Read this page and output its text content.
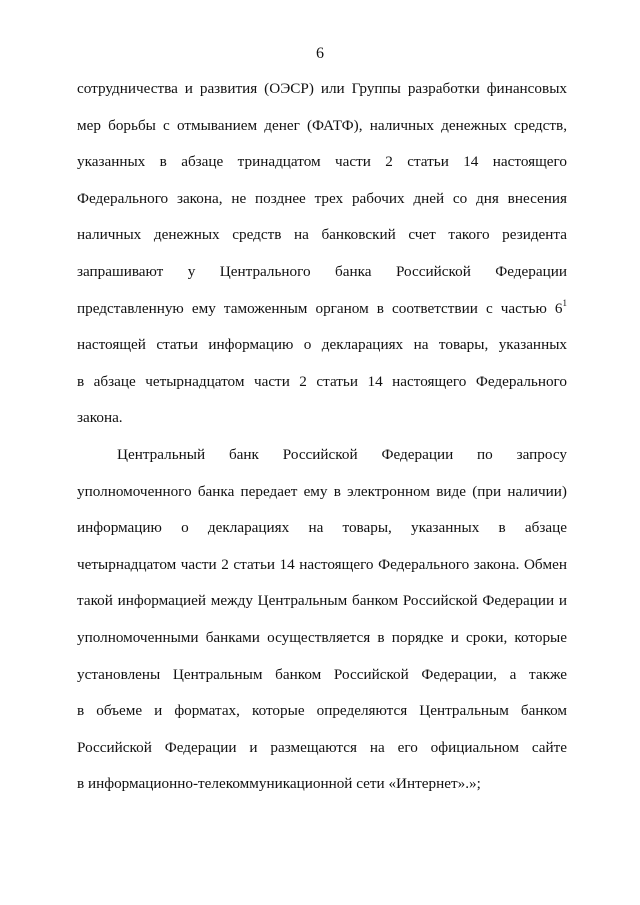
6
сотрудничества и развития (ОЭСР) или Группы разработки финансовых
мер борьбы с отмыванием денег (ФАТФ), наличных денежных средств,
указанных в абзаце тринадцатом части 2 статьи 14 настоящего
Федерального закона, не позднее трех рабочих дней со дня внесения
наличных денежных средств на банковский счет такого резидента
запрашивают у Центрального банка Российской Федерации
представленную ему таможенным органом в соответствии с частью $6^1$
настоящей статьи информацию о декларациях на товары, указанных
в абзаце четырнадцатом части 2 статьи 14 настоящего Федерального
закона.
Центральный банк Российской Федерации по запросу
уполномоченного банка передает ему в электронном виде (при наличии)
информацию о декларациях на товары, указанных в абзаце
четырнадцатом части 2 статьи 14 настоящего Федерального закона. Обмен
такой информацией между Центральным банком Российской Федерации и
уполномоченными банками осуществляется в порядке и сроки, которые
установлены Центральным банком Российской Федерации, а также
в объеме и форматах, которые определяются Центральным банком
Российской Федерации и размещаются на его официальном сайте
в информационно-телекоммуникационной сети «Интернет».»;
